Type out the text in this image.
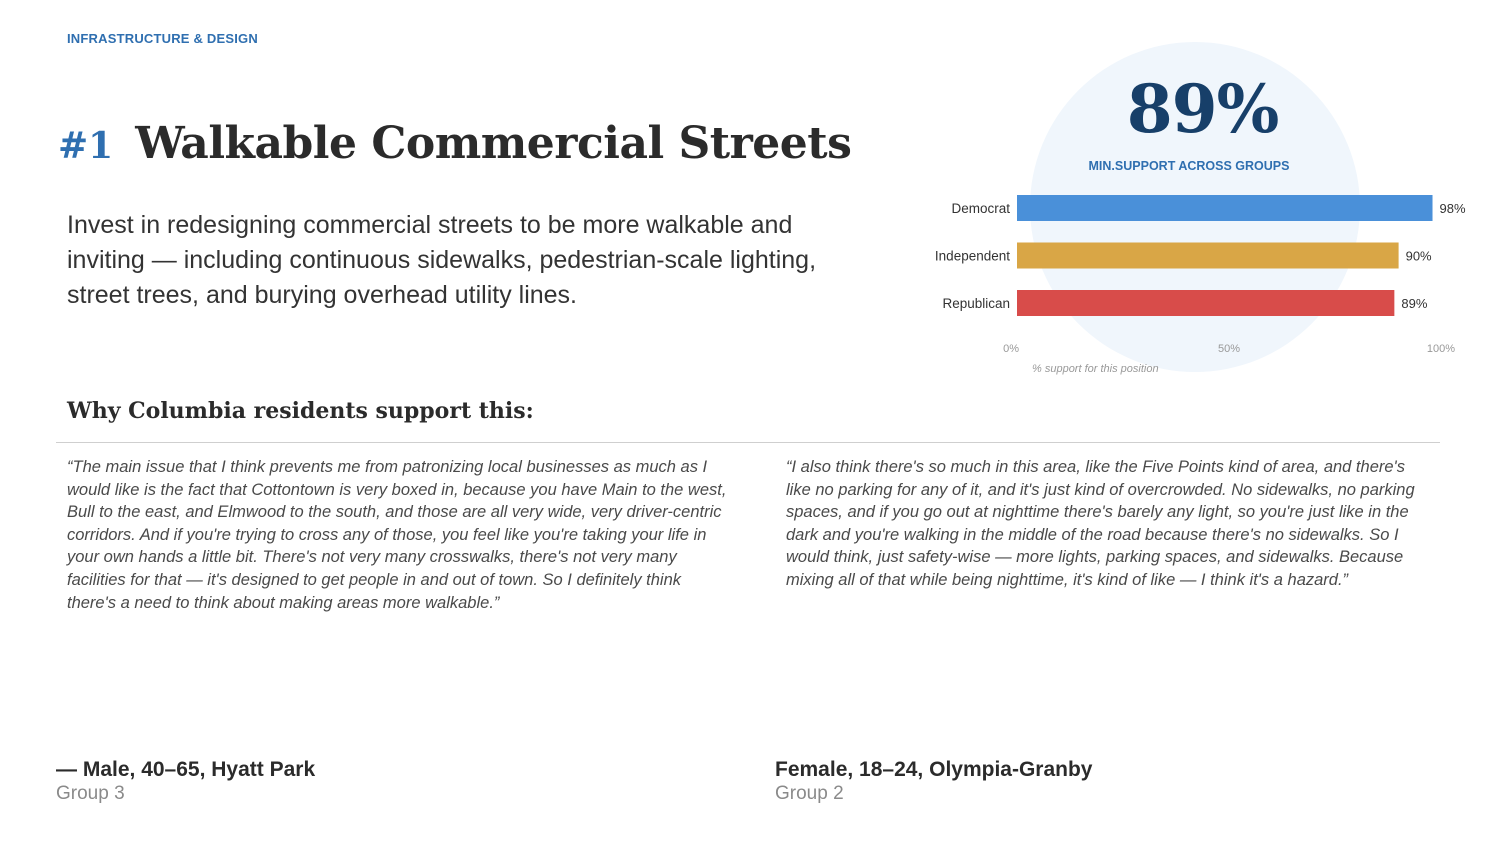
INFRASTRUCTURE & DESIGN
#1 Walkable Commercial Streets

Invest in redesigning commercial streets to be more walkable and inviting — including continuous sidewalks, pedestrian-scale lighting, street trees, and burying overhead utility lines.

89%
MIN.SUPPORT ACROSS GROUPS
Democrat	98%
Independent	90%
Republican	89%
0%	50%	100%
% support for this position
Why Columbia residents support this:

“The main issue that I think prevents me from patronizing local businesses as much as I would like is the fact that Cottontown is very boxed in, because you have Main to the west, Bull to the east, and Elmwood to the south, and those are all very wide, very driver-centric corridors. And if you're trying to cross any of those, you feel like you're taking your life in your own hands a little bit. There's not very many crosswalks, there's not very many facilities for that — it's designed to get people in and out of town. So I definitely think there's a need to think about making areas more walkable.”

“I also think there's so much in this area, like the Five Points kind of area, and there's like no parking for any of it, and it's just kind of overcrowded. No sidewalks, no parking spaces, and if you go out at nighttime there's barely any light, so you're just like in the dark and you're walking in the middle of the road because there's no sidewalks. So I would think, just safety-wise — more lights, parking spaces, and sidewalks. Because mixing all of that while being nighttime, it's kind of like — I think it's a hazard.”

— Male, 40–65, Hyatt Park
Group 3
Female, 18–24, Olympia-Granby
Group 2
